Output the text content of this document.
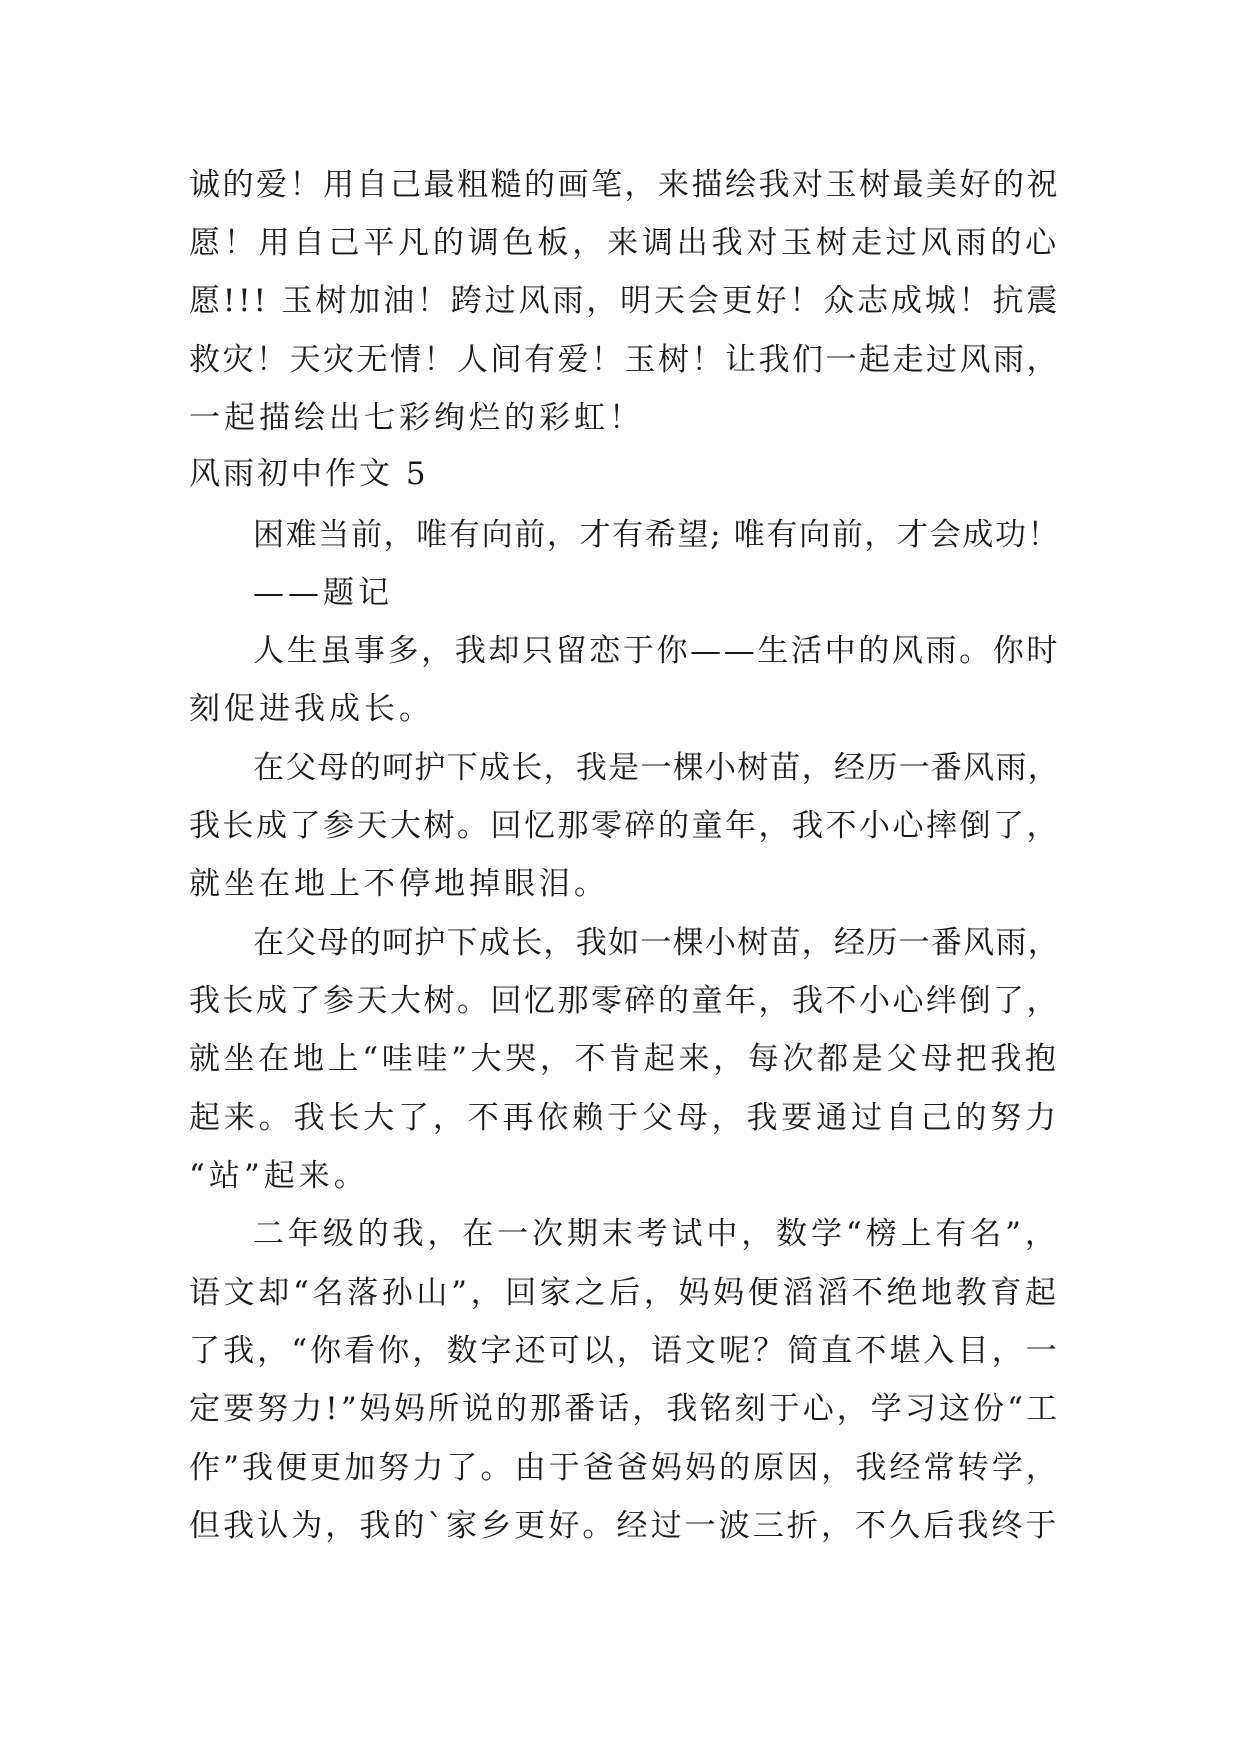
诚的爱！用自己最粗糙的画笔，来描绘我对玉树最美好的祝
愿！用自己平凡的调色板，来调出我对玉树走过风雨的心
愿!!! 玉树加油！跨过风雨，明天会更好！众志成城！抗震
救灾！天灾无情！人间有爱！玉树！让我们一起走过风雨，
一起描绘出七彩绚烂的彩虹！
风雨初中作文 5
困难当前，唯有向前，才有希望; 唯有向前，才会成功！
——题记
人生虽事多，我却只留恋于你——生活中的风雨。你时
刻促进我成长。
在父母的呵护下成长，我是一棵小树苗，经历一番风雨，
我长成了参天大树。回忆那零碎的童年，我不小心摔倒了，
就坐在地上不停地掉眼泪。
在父母的呵护下成长，我如一棵小树苗，经历一番风雨，
我长成了参天大树。回忆那零碎的童年，我不小心绊倒了，
就坐在地上“哇哇”大哭，不肯起来，每次都是父母把我抱
起来。我长大了，不再依赖于父母，我要通过自己的努力
“站”起来。
二年级的我，在一次期末考试中，数学“榜上有名”，
语文却“名落孙山”，回家之后，妈妈便滔滔不绝地教育起
了我，“你看你，数字还可以，语文呢？简直不堪入目，一
定要努力!”妈妈所说的那番话，我铭刻于心，学习这份“工
作”我便更加努力了。由于爸爸妈妈的原因，我经常转学，
但我认为，我的`家乡更好。经过一波三折，不久后我终于
